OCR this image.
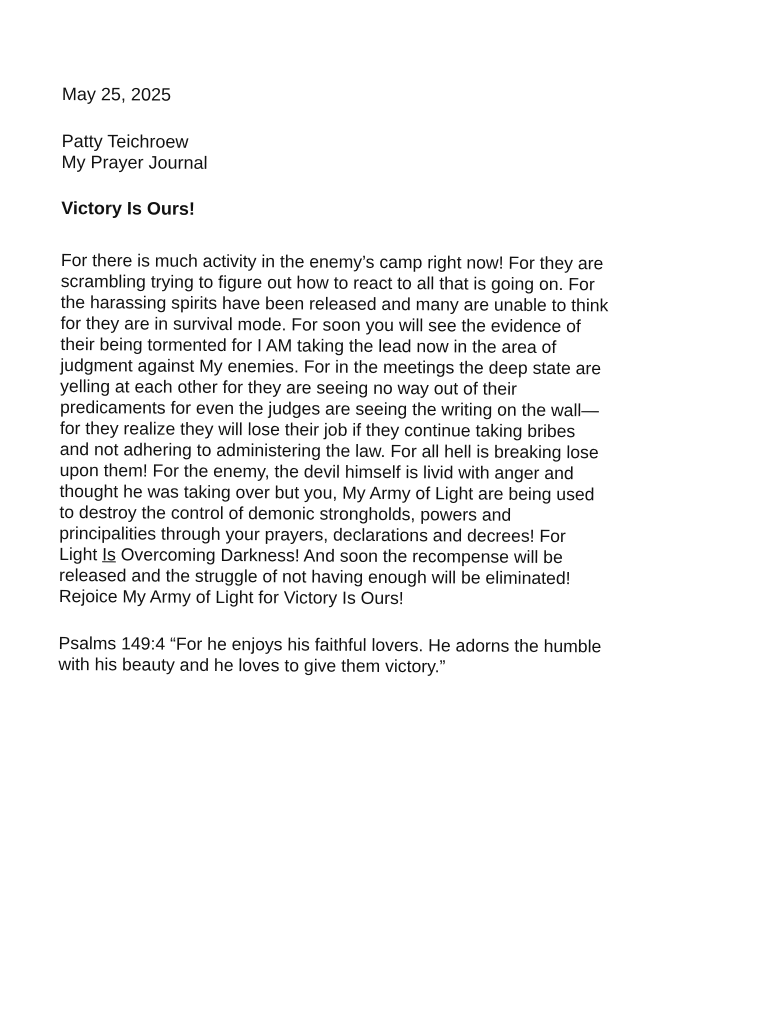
May 25, 2025

Patty Teichroew

My Prayer Journal

Victory Is Ours!

For there is much activity in the enemy’s camp right now! For they are

scrambling trying to figure out how to react to all that is going on. For

the harassing spirits have been released and many are unable to think

for they are in survival mode. For soon you will see the evidence of

their being tormented for I AM taking the lead now in the area of

judgment against My enemies. For in the meetings the deep state are

yelling at each other for they are seeing no way out of their

predicaments for even the judges are seeing the writing on the wall—

for they realize they will lose their job if they continue taking bribes

and not adhering to administering the law. For all hell is breaking lose

upon them! For the enemy, the devil himself is livid with anger and

thought he was taking over but you, My Army of Light are being used

to destroy the control of demonic strongholds, powers and

principalities through your prayers, declarations and decrees! For

Light Is Overcoming Darkness! And soon the recompense will be

released and the struggle of not having enough will be eliminated!

Rejoice My Army of Light for Victory Is Ours!

Psalms 149:4 “For he enjoys his faithful lovers. He adorns the humble

with his beauty and he loves to give them victory.”
